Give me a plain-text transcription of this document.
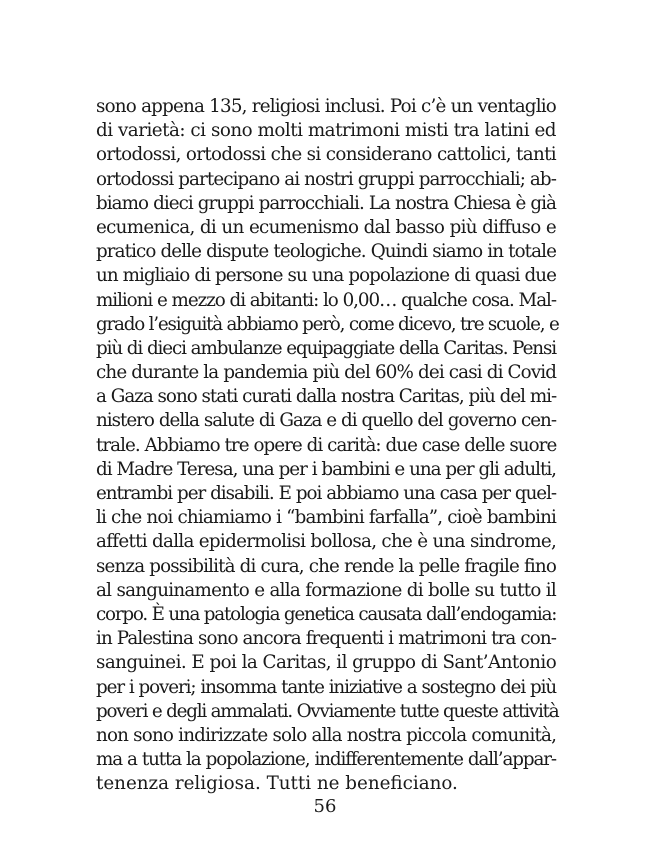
sono appena 135, religiosi inclusi. Poi c’è un ventaglio
di varietà: ci sono molti matrimoni misti tra latini ed
ortodossi, ortodossi che si considerano cattolici, tanti
ortodossi partecipano ai nostri gruppi parrocchiali; ab-
biamo dieci gruppi parrocchiali. La nostra Chiesa è già
ecumenica, di un ecumenismo dal basso più diffuso e
pratico delle dispute teologiche. Quindi siamo in totale
un migliaio di persone su una popolazione di quasi due
milioni e mezzo di abitanti: lo 0,00… qualche cosa. Mal-
grado l’esiguità abbiamo però, come dicevo, tre scuole, e
più di dieci ambulanze equipaggiate della Caritas. Pensi
che durante la pandemia più del 60% dei casi di Covid
a Gaza sono stati curati dalla nostra Caritas, più del mi-
nistero della salute di Gaza e di quello del governo cen-
trale. Abbiamo tre opere di carità: due case delle suore
di Madre Teresa, una per i bambini e una per gli adulti,
entrambi per disabili. E poi abbiamo una casa per quel-
li che noi chiamiamo i “bambini farfalla”, cioè bambini
affetti dalla epidermolisi bollosa, che è una sindrome,
senza possibilità di cura, che rende la pelle fragile fino
al sanguinamento e alla formazione di bolle su tutto il
corpo. È una patologia genetica causata dall’endogamia:
in Palestina sono ancora frequenti i matrimoni tra con-
sanguinei. E poi la Caritas, il gruppo di Sant’Antonio
per i poveri; insomma tante iniziative a sostegno dei più
poveri e degli ammalati. Ovviamente tutte queste attività
non sono indirizzate solo alla nostra piccola comunità,
ma a tutta la popolazione, indifferentemente dall’appar-
tenenza religiosa. Tutti ne beneficiano.
56
